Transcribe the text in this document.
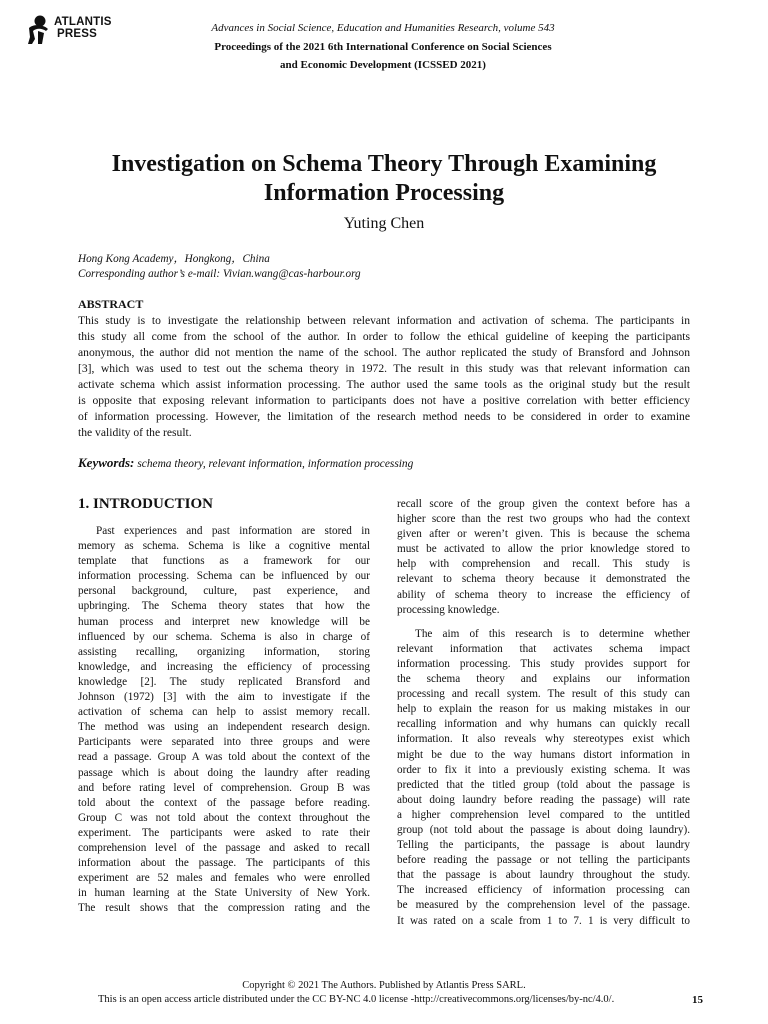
ATLANTIS
PRESS	Advances in Social Science, Education and Humanities Research, volume 543
Proceedings of the 2021 6th International Conference on Social Sciences
and Economic Development (ICSSED 2021)
Investigation on Schema Theory Through Examining
Information Processing
Yuting Chen
Hong Kong Academy，Hongkong，China
Corresponding author’s e-mail: Vivian.wang@cas-harbour.org
ABSTRACT
This study is to investigate the relationship between relevant information and activation of schema. The participants in
this study all come from the school of the author. In order to follow the ethical guideline of keeping the participants
anonymous, the author did not mention the name of the school. The author replicated the study of Bransford and Johnson
[3], which was used to test out the schema theory in 1972. The result in this study was that relevant information can
activate schema which assist information processing. The author used the same tools as the original study but the result
is opposite that exposing relevant information to participants does not have a positive correlation with better efficiency
of information processing. However, the limitation of the research method needs to be considered in order to examine
the validity of the result.
Keywords: schema theory, relevant information, information processing
1. INTRODUCTION
Past experiences and past information are stored in
memory as schema. Schema is like a cognitive mental
template that functions as a framework for our
information processing. Schema can be influenced by our
personal background, culture, past experience, and
upbringing. The Schema theory states that how the
human process and interpret new knowledge will be
influenced by our schema. Schema is also in charge of
assisting recalling, organizing information, storing
knowledge, and increasing the efficiency of processing
knowledge [2]. The study replicated Bransford and
Johnson (1972) [3] with the aim to investigate if the
activation of schema can help to assist memory recall.
The method was using an independent research design.
Participants were separated into three groups and were
read a passage. Group A was told about the context of the
passage which is about doing the laundry after reading
and before rating level of comprehension. Group B was
told about the context of the passage before reading.
Group C was not told about the context throughout the
experiment. The participants were asked to rate their
comprehension level of the passage and asked to recall
information about the passage. The participants of this
experiment are 52 males and females who were enrolled
in human learning at the State University of New York.
The result shows that the compression rating and the
recall score of the group given the context before has a
higher score than the rest two groups who had the context
given after or weren’t given. This is because the schema
must be activated to allow the prior knowledge stored to
help with comprehension and recall. This study is
relevant to schema theory because it demonstrated the
ability of schema theory to increase the efficiency of
processing knowledge.
The aim of this research is to determine whether
relevant information that activates schema impact
information processing. This study provides support for
the schema theory and explains our information
processing and recall system. The result of this study can
help to explain the reason for us making mistakes in our
recalling information and why humans can quickly recall
information. It also reveals why stereotypes exist which
might be due to the way humans distort information in
order to fix it into a previously existing schema. It was
predicted that the titled group (told about the passage is
about doing laundry before reading the passage) will rate
a higher comprehension level compared to the untitled
group (not told about the passage is about doing laundry).
Telling the participants, the passage is about laundry
before reading the passage or not telling the participants
that the passage is about laundry throughout the study.
The increased efficiency of information processing can
be measured by the comprehension level of the passage.
It was rated on a scale from 1 to 7. 1 is very difficult to
Copyright © 2021 The Authors. Published by Atlantis Press SARL.
This is an open access article distributed under the CC BY-NC 4.0 license -http://creativecommons.org/licenses/by-nc/4.0/.	15
